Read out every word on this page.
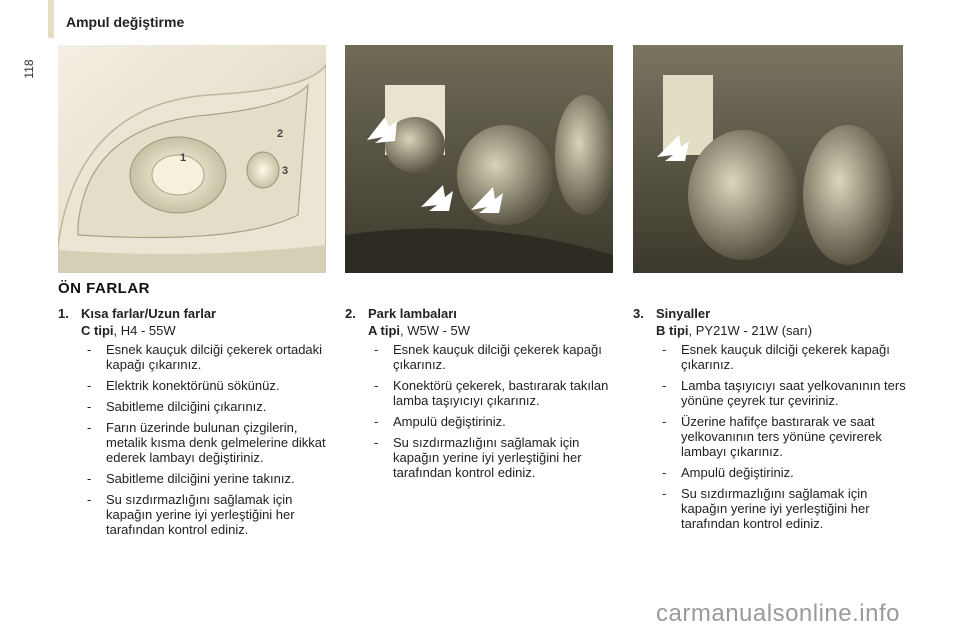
118
Ampul değiştirme
1
2
3
ÖN FARLAR
1. Kısa farlar/Uzun farlar
C tipi, H4 - 55W
- Esnek kauçuk dilciği çekerek ortadaki kapağı çıkarınız.
- Elektrik konektörünü sökünüz.
- Sabitleme dilciğini çıkarınız.
- Farın üzerinde bulunan çizgilerin, metalik kısma denk gelmelerine dikkat ederek lambayı değiştiriniz.
- Sabitleme dilciğini yerine takınız.
- Su sızdırmazlığını sağlamak için kapağın yerine iyi yerleştiğini her tarafından kontrol ediniz.
2. Park lambaları
A tipi, W5W - 5W
- Esnek kauçuk dilciği çekerek kapağı çıkarınız.
- Konektörü çekerek, bastırarak takılan lamba taşıyıcıyı çıkarınız.
- Ampulü değiştiriniz.
- Su sızdırmazlığını sağlamak için kapağın yerine iyi yerleştiğini her tarafından kontrol ediniz.
3. Sinyaller
B tipi, PY21W - 21W (sarı)
- Esnek kauçuk dilciği çekerek kapağı çıkarınız.
- Lamba taşıyıcıyı saat yelkovanının ters yönüne çeyrek tur çeviriniz.
- Üzerine hafifçe bastırarak ve saat yelkovanının ters yönüne çevirerek lambayı çıkarınız.
- Ampulü değiştiriniz.
- Su sızdırmazlığını sağlamak için kapağın yerine iyi yerleştiğini her tarafından kontrol ediniz.
carmanualsonline.info
